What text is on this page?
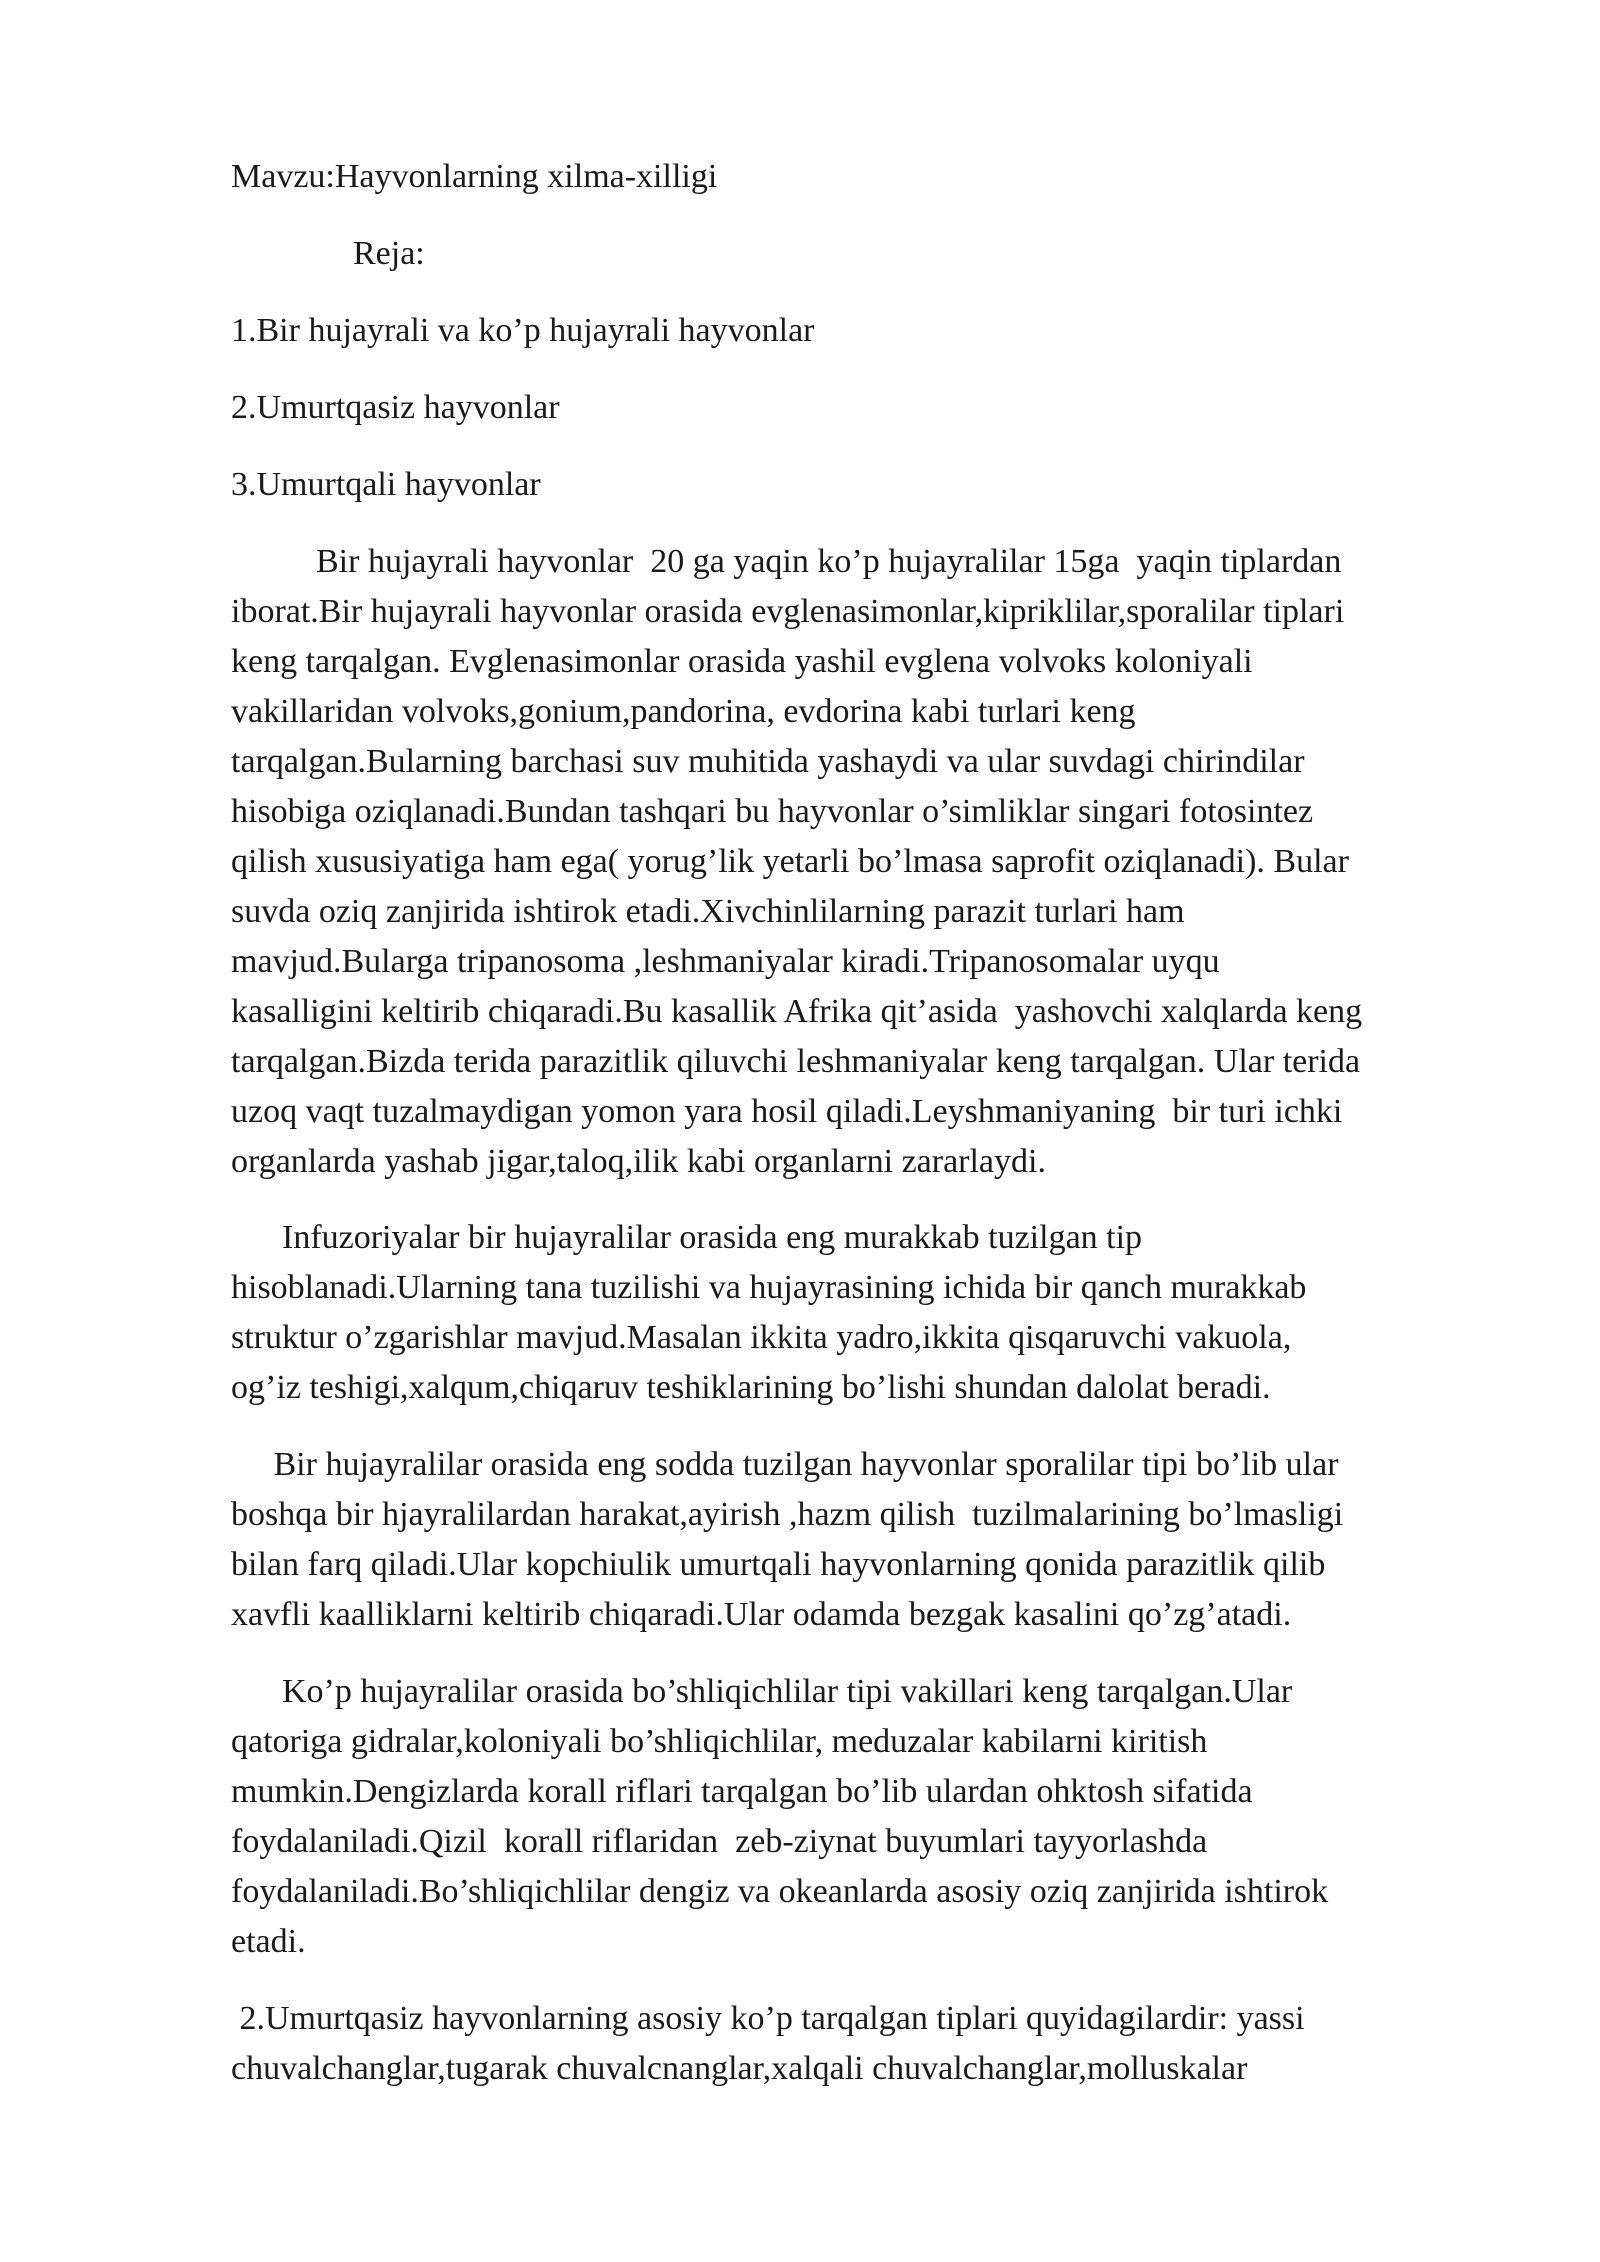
Mavzu:Hayvonlarning xilma-xilligi

Reja:

1.Bir hujayrali va ko’p hujayrali hayvonlar

2.Umurtqasiz hayvonlar

3.Umurtqali hayvonlar

Bir hujayrali hayvonlar  20 ga yaqin ko’p hujayralilar 15ga  yaqin tiplardan
iborat.Bir hujayrali hayvonlar orasida evglenasimonlar,kipriklilar,sporalilar tiplari
keng tarqalgan. Evglenasimonlar orasida yashil evglena volvoks koloniyali
vakillaridan volvoks,gonium,pandorina, evdorina kabi turlari keng
tarqalgan.Bularning barchasi suv muhitida yashaydi va ular suvdagi chirindilar
hisobiga oziqlanadi.Bundan tashqari bu hayvonlar o’simliklar singari fotosintez
qilish xususiyatiga ham ega( yorug’lik yetarli bo’lmasa saprofit oziqlanadi). Bular
suvda oziq zanjirida ishtirok etadi.Xivchinlilarning parazit turlari ham
mavjud.Bularga tripanosoma ,leshmaniyalar kiradi.Tripanosomalar uyqu
kasalligini keltirib chiqaradi.Bu kasallik Afrika qit’asida  yashovchi xalqlarda keng
tarqalgan.Bizda terida parazitlik qiluvchi leshmaniyalar keng tarqalgan. Ular terida
uzoq vaqt tuzalmaydigan yomon yara hosil qiladi.Leyshmaniyaning  bir turi ichki
organlarda yashab jigar,taloq,ilik kabi organlarni zararlaydi.

Infuzoriyalar bir hujayralilar orasida eng murakkab tuzilgan tip
hisoblanadi.Ularning tana tuzilishi va hujayrasining ichida bir qanch murakkab
struktur o’zgarishlar mavjud.Masalan ikkita yadro,ikkita qisqaruvchi vakuola,
og’iz teshigi,xalqum,chiqaruv teshiklarining bo’lishi shundan dalolat beradi.

Bir hujayralilar orasida eng sodda tuzilgan hayvonlar sporalilar tipi bo’lib ular
boshqa bir hjayralilardan harakat,ayirish ,hazm qilish  tuzilmalarining bo’lmasligi
bilan farq qiladi.Ular kopchiulik umurtqali hayvonlarning qonida parazitlik qilib
xavfli kaalliklarni keltirib chiqaradi.Ular odamda bezgak kasalini qo’zg’atadi.

Ko’p hujayralilar orasida bo’shliqichlilar tipi vakillari keng tarqalgan.Ular
qatoriga gidralar,koloniyali bo’shliqichlilar, meduzalar kabilarni kiritish
mumkin.Dengizlarda korall riflari tarqalgan bo’lib ulardan ohktosh sifatida
foydalaniladi.Qizil  korall riflaridan  zeb-ziynat buyumlari tayyorlashda
foydalaniladi.Bo’shliqichlilar dengiz va okeanlarda asosiy oziq zanjirida ishtirok
etadi.

2.Umurtqasiz hayvonlarning asosiy ko’p tarqalgan tiplari quyidagilardir: yassi
chuvalchanglar,tugarak chuvalcnanglar,xalqali chuvalchanglar,molluskalar
